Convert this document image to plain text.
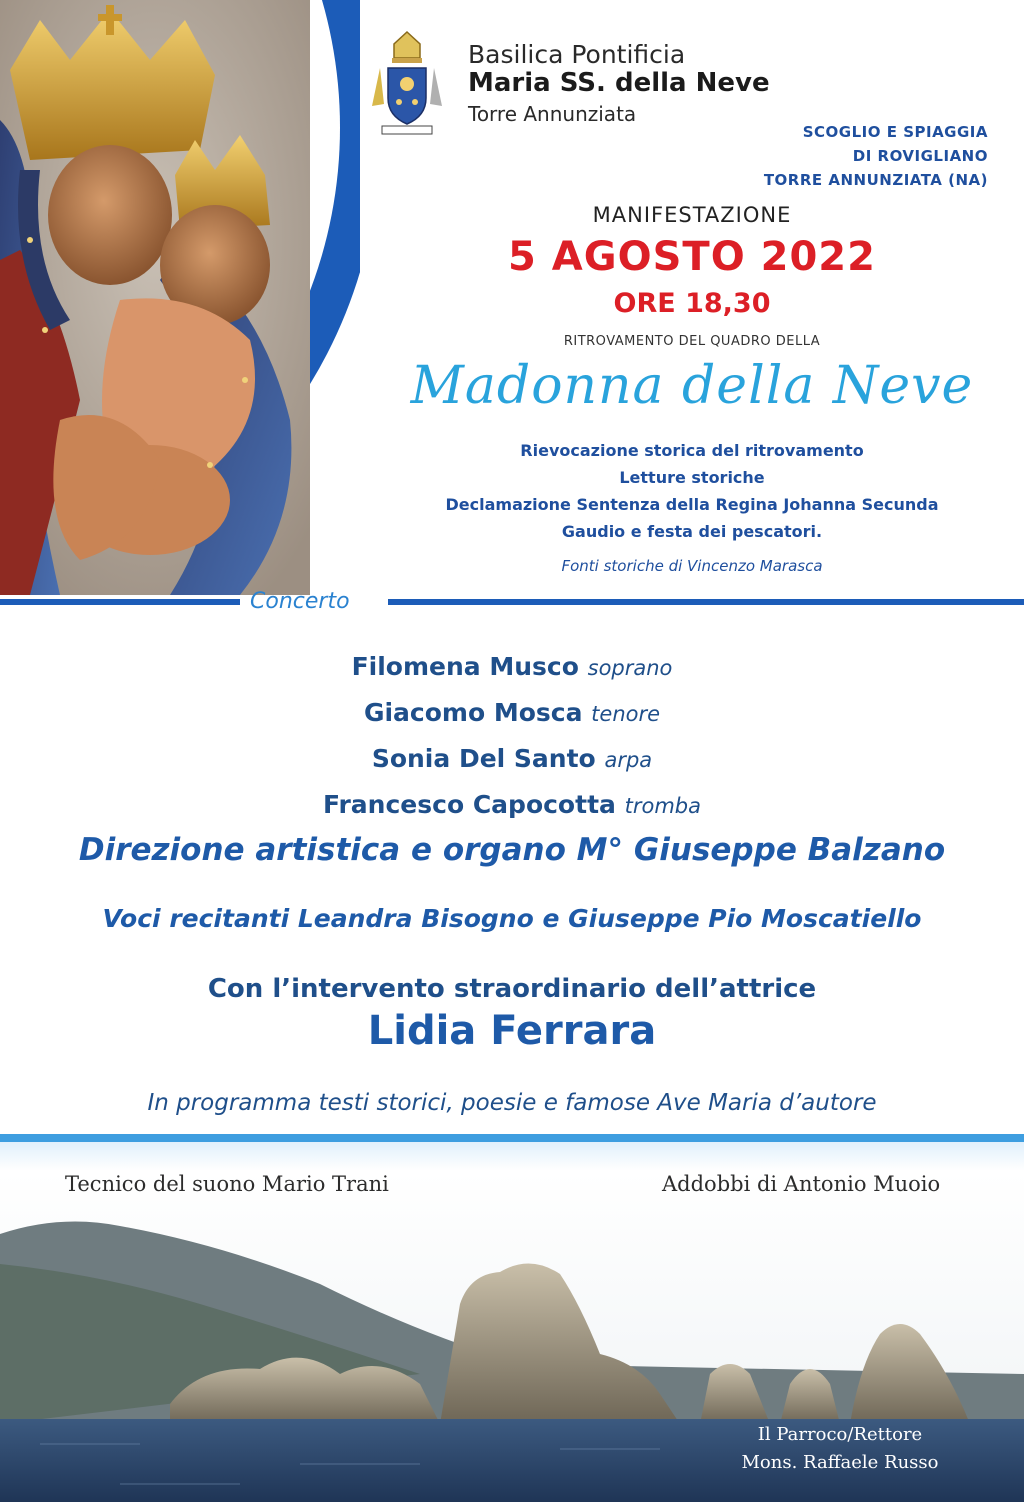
Basilica Pontificia
Maria SS. della Neve
Torre Annunziata
SCOGLIO E SPIAGGIA
DI ROVIGLIANO
TORRE ANNUNZIATA (NA)
MANIFESTAZIONE
5 AGOSTO 2022
ORE 18,30
RITROVAMENTO DEL QUADRO DELLA
Madonna della Neve
Rievocazione storica del ritrovamento
Letture storiche
Declamazione Sentenza della Regina Johanna Secunda
Gaudio e festa dei pescatori.
Fonti storiche di Vincenzo Marasca
Concerto
Filomena Musco soprano
Giacomo Mosca tenore
Sonia Del Santo arpa
Francesco Capocotta tromba
Direzione artistica e organo M° Giuseppe Balzano
Voci recitanti Leandra Bisogno e Giuseppe Pio Moscatiello
Con l’intervento straordinario dell’attrice
Lidia Ferrara
In programma testi storici, poesie e famose Ave Maria d’autore
Tecnico del suono Mario Trani	Addobbi di Antonio Muoio
Il Parroco/Rettore
Mons. Raffaele Russo
